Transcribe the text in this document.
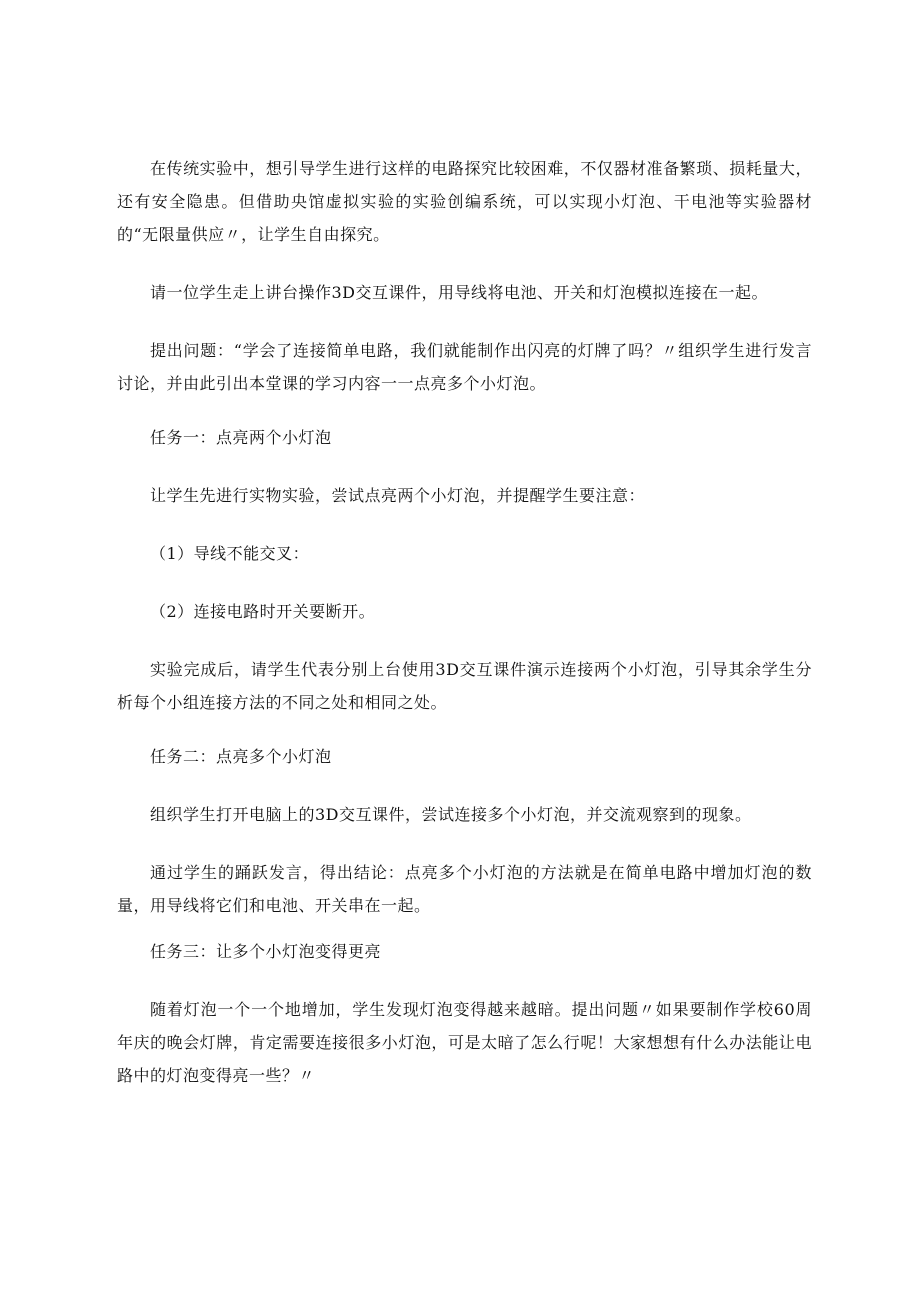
在传统实验中，想引导学生进行这样的电路探究比较困难，不仅器材准备繁琐、损耗量大，还有安全隐患。但借助央馆虚拟实验的实验创编系统，可以实现小灯泡、干电池等实验器材的“无限量供应〃，让学生自由探究。

请一位学生走上讲台操作3D交互课件，用导线将电池、开关和灯泡模拟连接在一起。

提出问题：“学会了连接简单电路，我们就能制作出闪亮的灯牌了吗？〃组织学生进行发言讨论，并由此引出本堂课的学习内容一一点亮多个小灯泡。

任务一：点亮两个小灯泡

让学生先进行实物实验，尝试点亮两个小灯泡，并提醒学生要注意：

（1）导线不能交叉：

（2）连接电路时开关要断开。

实验完成后，请学生代表分别上台使用3D交互课件演示连接两个小灯泡，引导其余学生分析每个小组连接方法的不同之处和相同之处。

任务二：点亮多个小灯泡

组织学生打开电脑上的3D交互课件，尝试连接多个小灯泡，并交流观察到的现象。

通过学生的踊跃发言，得出结论：点亮多个小灯泡的方法就是在简单电路中增加灯泡的数量，用导线将它们和电池、开关串在一起。

任务三：让多个小灯泡变得更亮

随着灯泡一个一个地增加，学生发现灯泡变得越来越暗。提出问题〃如果要制作学校60周年庆的晚会灯牌，肯定需要连接很多小灯泡，可是太暗了怎么行呢！大家想想有什么办法能让电路中的灯泡变得亮一些？〃
